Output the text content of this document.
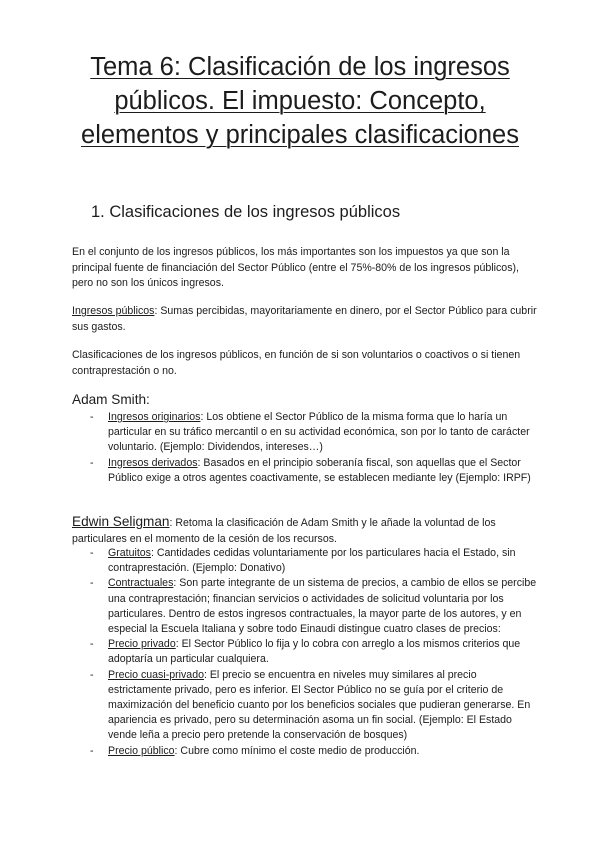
Tema 6: Clasificación de los ingresos
públicos. El impuesto: Concepto,
elementos y principales clasificaciones
1. Clasificaciones de los ingresos públicos

En el conjunto de los ingresos públicos, los más importantes son los impuestos ya que son la principal fuente de financiación del Sector Público (entre el 75%-80% de los ingresos públicos), pero no son los únicos ingresos.

Ingresos públicos: Sumas percibidas, mayoritariamente en dinero, por el Sector Público para cubrir sus gastos.

Clasificaciones de los ingresos públicos, en función de si son voluntarios o coactivos o si tienen contraprestación o no.

Adam Smith:
- Ingresos originarios: Los obtiene el Sector Público de la misma forma que lo haría un particular en su tráfico mercantil o en su actividad económica, son por lo tanto de carácter voluntario. (Ejemplo: Dividendos, intereses…)
- Ingresos derivados: Basados en el principio soberanía fiscal, son aquellas que el Sector Público exige a otros agentes coactivamente, se establecen mediante ley (Ejemplo: IRPF)

Edwin Seligman: Retoma la clasificación de Adam Smith y le añade la voluntad de los particulares en el momento de la cesión de los recursos.

- Gratuitos: Cantidades cedidas voluntariamente por los particulares hacia el Estado, sin contraprestación. (Ejemplo: Donativo)
- Contractuales: Son parte integrante de un sistema de precios, a cambio de ellos se percibe una contraprestación; financian servicios o actividades de solicitud voluntaria por los particulares. Dentro de estos ingresos contractuales, la mayor parte de los autores, y en especial la Escuela Italiana y sobre todo Einaudi distingue cuatro clases de precios:
- Precio privado: El Sector Público lo fija y lo cobra con arreglo a los mismos criterios que adoptaría un particular cualquiera.
- Precio cuasi-privado: El precio se encuentra en niveles muy similares al precio estrictamente privado, pero es inferior. El Sector Público no se guía por el criterio de maximización del beneficio cuanto por los beneficios sociales que pudieran generarse. En apariencia es privado, pero su determinación asoma un fin social. (Ejemplo: El Estado vende leña a precio pero pretende la conservación de bosques)
- Precio público: Cubre como mínimo el coste medio de producción.
